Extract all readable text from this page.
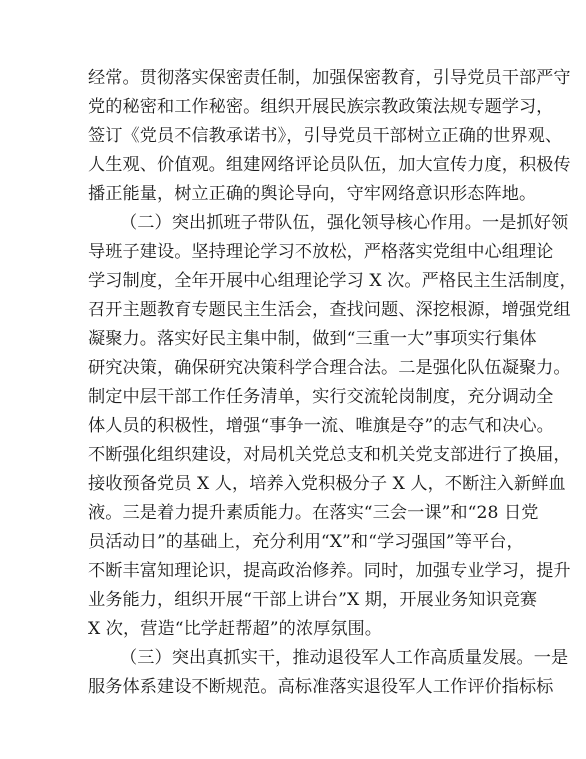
经常。贯彻落实保密责任制，加强保密教育，引导党员干部严守
党的秘密和工作秘密。组织开展民族宗教政策法规专题学习，
签订《党员不信教承诺书》，引导党员干部树立正确的世界观、
人生观、价值观。组建网络评论员队伍，加大宣传力度，积极传
播正能量，树立正确的舆论导向，守牢网络意识形态阵地。
（二）突出抓班子带队伍，强化领导核心作用。一是抓好领
导班子建设。坚持理论学习不放松，严格落实党组中心组理论
学习制度，全年开展中心组理论学习 X 次。严格民主生活制度，
召开主题教育专题民主生活会，查找问题、深挖根源，增强党组
凝聚力。落实好民主集中制，做到“三重一大”事项实行集体
研究决策，确保研究决策科学合理合法。二是强化队伍凝聚力。
制定中层干部工作任务清单，实行交流轮岗制度，充分调动全
体人员的积极性，增强“事争一流、唯旗是夺”的志气和决心。
不断强化组织建设，对局机关党总支和机关党支部进行了换届，
接收预备党员 X 人，培养入党积极分子 X 人，不断注入新鲜血
液。三是着力提升素质能力。在落实“三会一课”和“28 日党
员活动日”的基础上，充分利用“X”和“学习强国”等平台，
不断丰富知理论识，提高政治修养。同时，加强专业学习，提升
业务能力，组织开展“干部上讲台”X 期，开展业务知识竞赛
X 次，营造“比学赶帮超”的浓厚氛围。
（三）突出真抓实干，推动退役军人工作高质量发展。一是
服务体系建设不断规范。高标准落实退役军人工作评价指标标
